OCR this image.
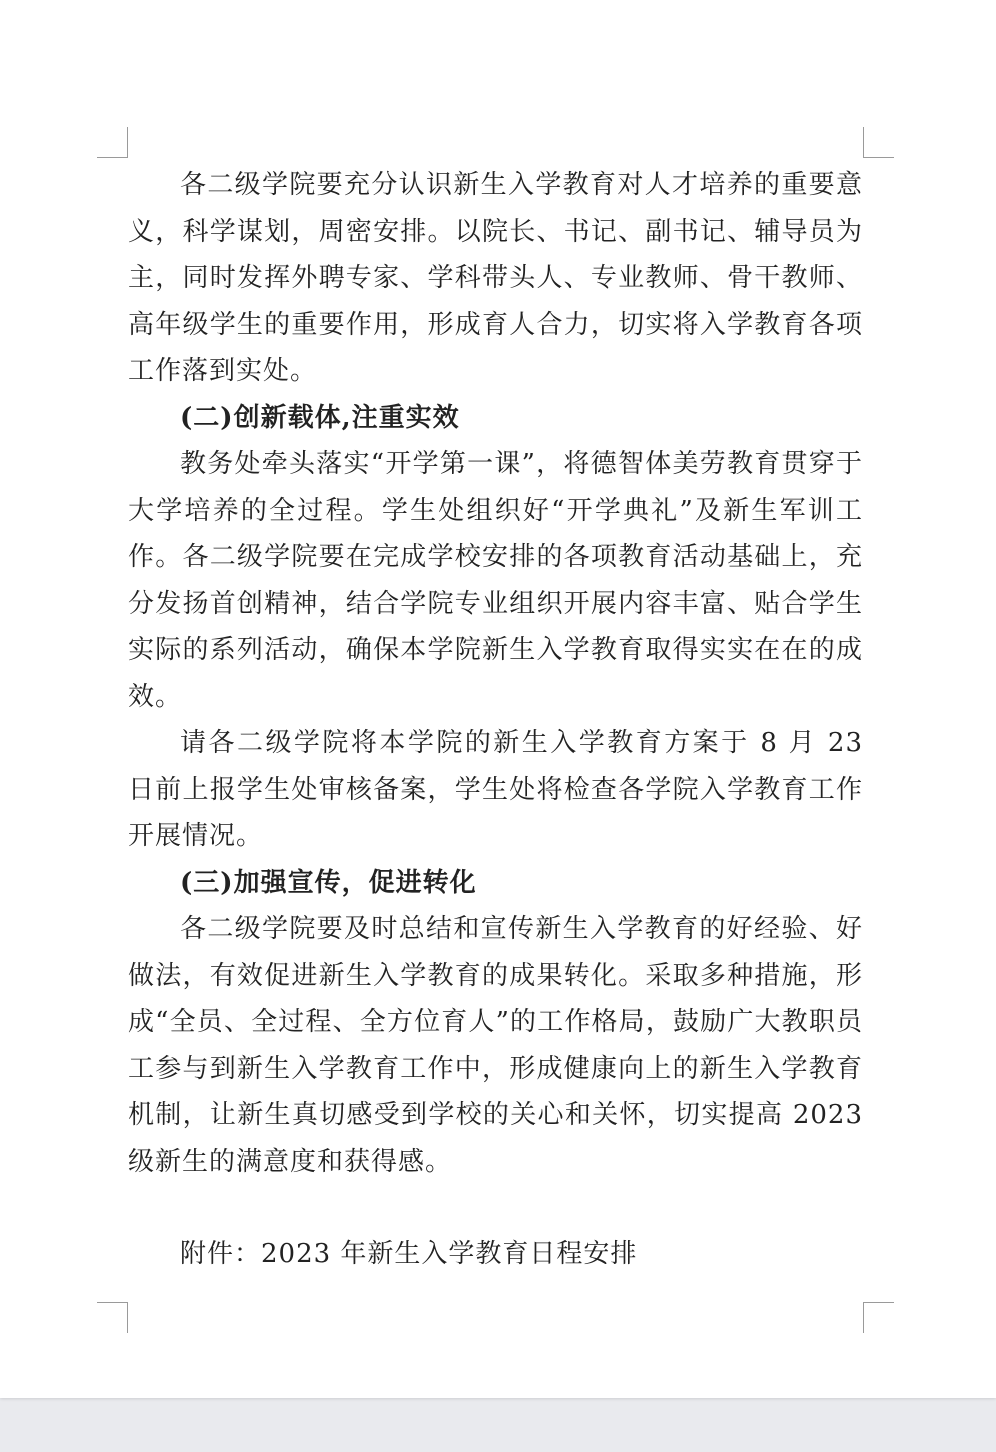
各二级学院要充分认识新生入学教育对人才培养的重要意义，科学谋划，周密安排。以院长、书记、副书记、辅导员为主，同时发挥外聘专家、学科带头人、专业教师、骨干教师、高年级学生的重要作用，形成育人合力，切实将入学教育各项工作落到实处。

(二)创新载体,注重实效

教务处牵头落实“开学第一课”，将德智体美劳教育贯穿于大学培养的全过程。学生处组织好“开学典礼”及新生军训工作。各二级学院要在完成学校安排的各项教育活动基础上，充分发扬首创精神，结合学院专业组织开展内容丰富、贴合学生实际的系列活动，确保本学院新生入学教育取得实实在在的成效。

请各二级学院将本学院的新生入学教育方案于 8 月 23 日前上报学生处审核备案，学生处将检查各学院入学教育工作开展情况。

(三)加强宣传，促进转化

各二级学院要及时总结和宣传新生入学教育的好经验、好做法，有效促进新生入学教育的成果转化。采取多种措施，形成“全员、全过程、全方位育人”的工作格局，鼓励广大教职员工参与到新生入学教育工作中，形成健康向上的新生入学教育机制，让新生真切感受到学校的关心和关怀，切实提高 2023 级新生的满意度和获得感。

附件：2023 年新生入学教育日程安排
